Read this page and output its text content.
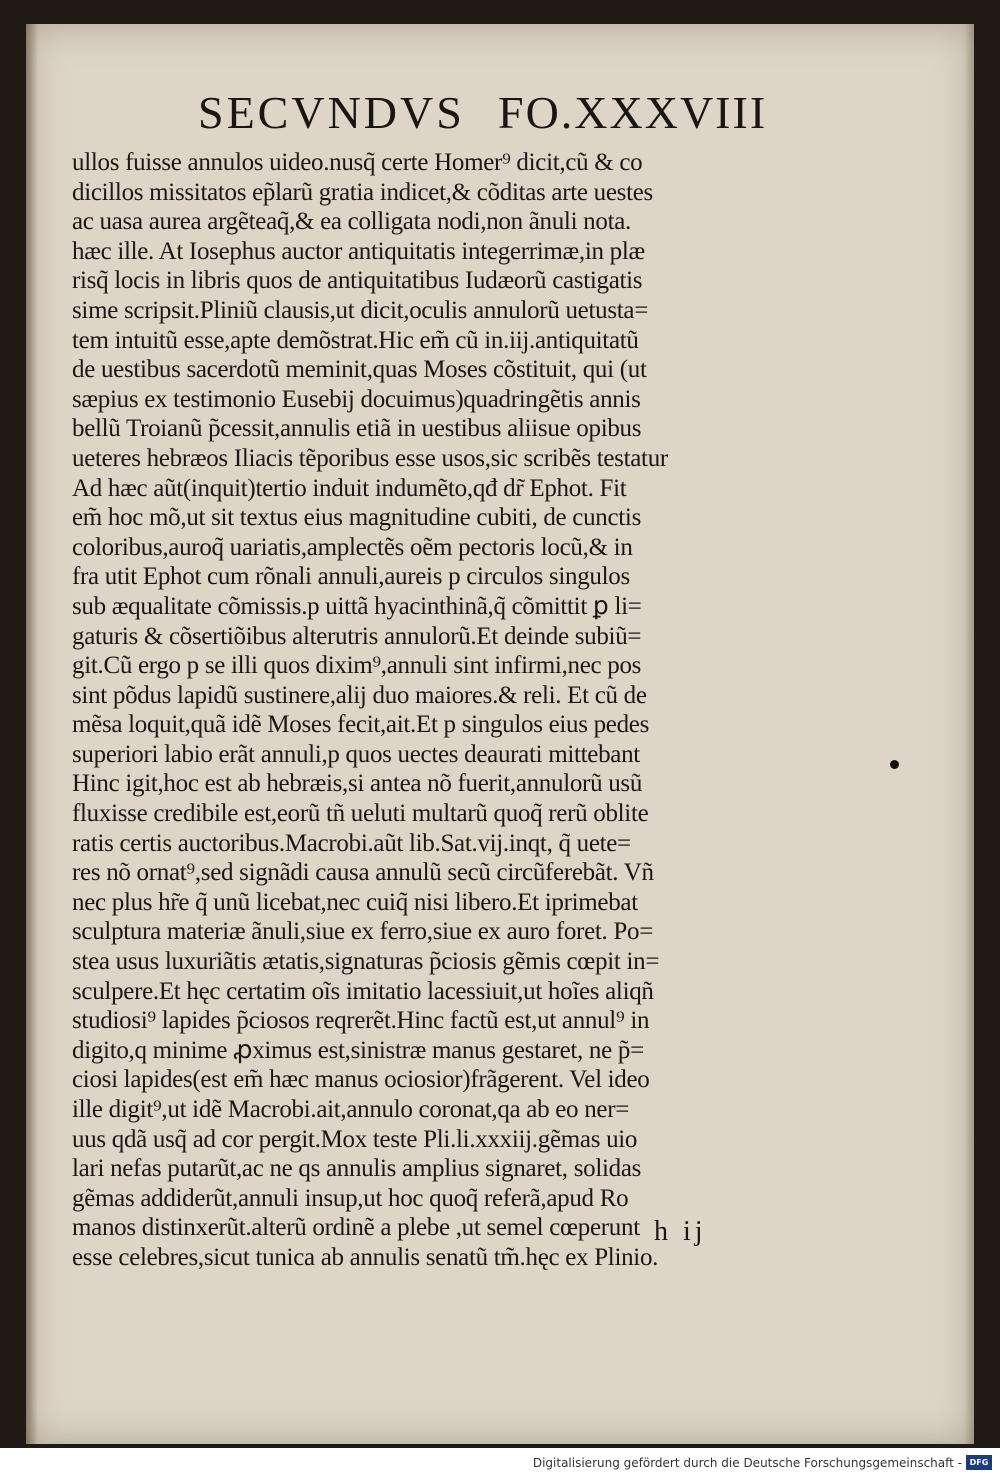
SECVNDVS FO.XXXVIII
ullos fuisse annulos uideo.nusq̃ certe Homer⁹ dicit,cũ & co
dicillos missitatos ep̃larũ gratia indicet,& cõditas arte uestes
ac uasa aurea argẽteaq̃,& ea colligata nodi,non ãnuli nota.
hæc ille. At Iosephus auctor antiquitatis integerrimæ,in plæ
risq̃ locis in libris quos de antiquitatibus Iudæorũ castigatis
sime scripsit.Pliniũ clausis,ut dicit,oculis annulorũ uetusta=
tem intuitũ esse,apte demõstrat.Hic em̃ cũ in.iij.antiquitatũ
de uestibus sacerdotũ meminit,quas Moses cõstituit, qui (ut
sæpius ex testimonio Eusebij docuimus)quadringẽtis annis
bellũ Troianũ p̃cessit,annulis etiã in uestibus aliisue opibus
ueteres hebræos Iliacis tẽporibus esse usos,sic scribẽs testatur
Ad hæc aũt(inquit)tertio induit indumẽto,qđ dr̃ Ephot. Fit
em̃ hoc mõ,ut sit textus eius magnitudine cubiti, de cunctis
coloribus,auroq̃ uariatis,amplectẽs oẽm pectoris locũ,& in
fra utit Ephot cum rõnali annuli,aureis p circulos singulos
sub æqualitate cõmissis.p uittã hyacinthinã,q̃ cõmittit ꝑ li=
gaturis & cõsertiõibus alterutris annulorũ.Et deinde subiũ=
git.Cũ ergo p se illi quos dixim⁹,annuli sint infirmi,nec pos
sint põdus lapidũ sustinere,alij duo maiores.& reli. Et cũ de
mẽsa loquit,quã idẽ Moses fecit,ait.Et p singulos eius pedes
superiori labio erãt annuli,p quos uectes deaurati mittebant
Hinc igit,hoc est ab hebræis,si antea nõ fuerit,annulorũ usũ
fluxisse credibile est,eorũ tñ ueluti multarũ quoq̃ rerũ oblite
ratis certis auctoribus.Macrobi.aũt lib.Sat.vij.inqt, q̃ uete=
res nõ ornat⁹,sed signãdi causa annulũ secũ circũferebãt. Vñ
nec plus hr̃e q̃ unũ licebat,nec cuiq̃ nisi libero.Et iprimebat
sculptura materiæ ãnuli,siue ex ferro,siue ex auro foret. Po=
stea usus luxuriãtis ætatis,signaturas p̃ciosis gẽmis cœpit in=
sculpere.Et hęc certatim oĩs imitatio lacessiuit,ut hoĩes aliqñ
studiosi⁹ lapides p̃ciosos reqrerẽt.Hinc factũ est,ut annul⁹ in
digito,q minime ꝓximus est,sinistræ manus gestaret, ne p̃=
ciosi lapides(est em̃ hæc manus ociosior)frãgerent. Vel ideo
ille digit⁹,ut idẽ Macrobi.ait,annulo coronat,qa ab eo ner=
uus qdã usq̃ ad cor pergit.Mox teste Pli.li.xxxiij.gẽmas uio
lari nefas putarũt,ac ne qs annulis amplius signaret, solidas
gẽmas addiderũt,annuli insup,ut hoc quoq̃ referã,apud Ro
manos distinxerũt.alterũ ordinẽ a plebe ,ut semel cœperunt
esse celebres,sicut tunica ab annulis senatũ tm̃.hęc ex Plinio.
h ij
Digitalisierung gefördert durch die Deutsche Forschungsgemeinschaft - DFG
